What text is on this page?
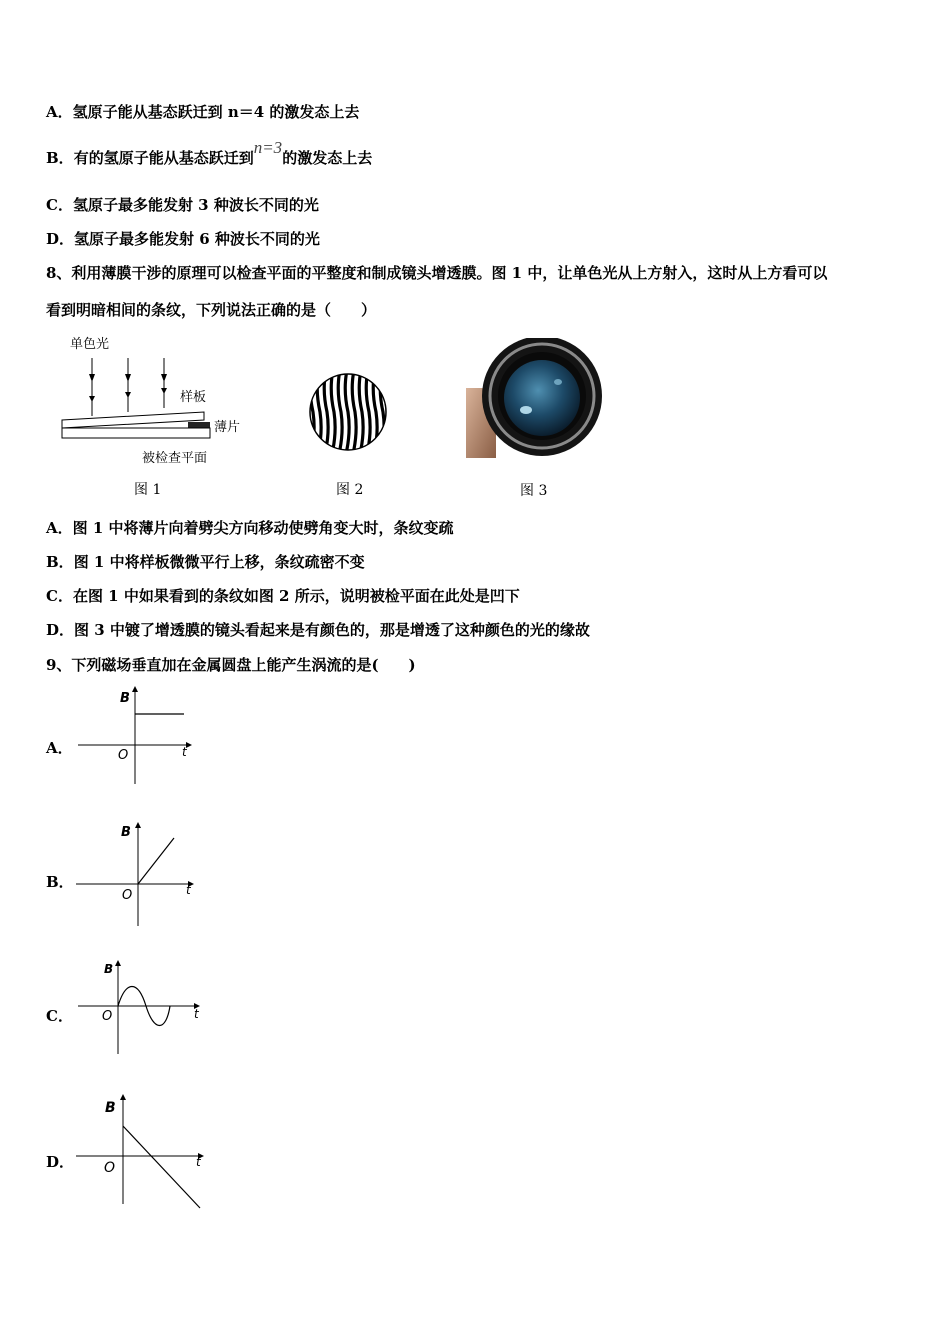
A．氢原子能从基态跃迁到 n＝4 的激发态上去
B．有的氢原子能从基态跃迁到n=3的激发态上去
C．氢原子最多能发射 3 种波长不同的光
D．氢原子最多能发射 6 种波长不同的光
8、利用薄膜干涉的原理可以检查平面的平整度和制成镜头增透膜。图 1 中，让单色光从上方射入，这时从上方看可以
看到明暗相间的条纹，下列说法正确的是（　　）
单色光
样板
薄片
被检查平面
图 1	图 2	图 3
A．图 1 中将薄片向着劈尖方向移动使劈角变大时，条纹变疏
B．图 1 中将样板微微平行上移，条纹疏密不变
C．在图 1 中如果看到的条纹如图 2 所示，说明被检平面在此处是凹下
D．图 3 中镀了增透膜的镜头看起来是有颜色的，那是增透了这种颜色的光的缘故
9、下列磁场垂直加在金属圆盘上能产生涡流的是(　　)
A．
B
O	t
B．
B
O	t
C．
B
O	t
D．
B
O	t
